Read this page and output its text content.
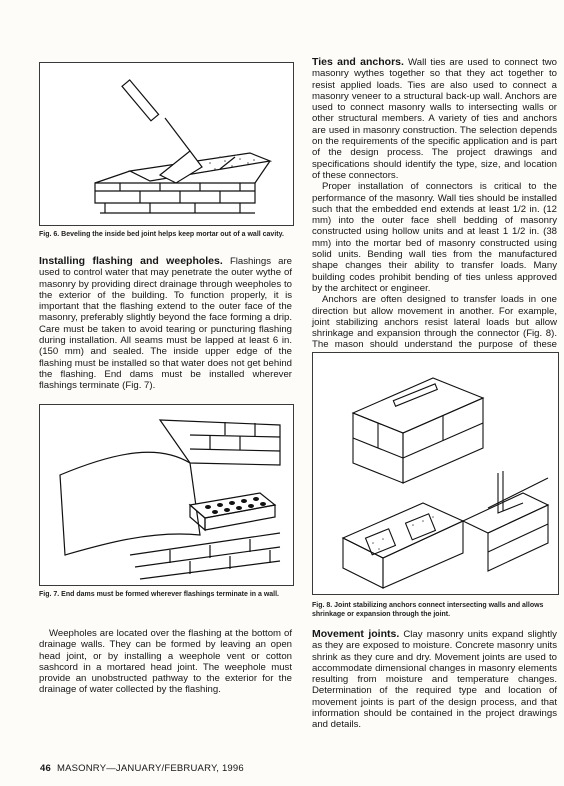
Fig. 6. Beveling the inside bed joint helps keep mortar out of a wall cavity.

Installing flashing and weepholes. Flashings are used to control water that may penetrate the outer wythe of masonry by providing direct drainage through weepholes to the exterior of the building. To function properly, it is important that the flashing extend to the outer face of the masonry, preferably slightly beyond the face forming a drip. Care must be taken to avoid tearing or puncturing flashing during installation. All seams must be lapped at least 6 in. (150 mm) and sealed. The inside upper edge of the flashing must be installed so that water does not get behind the flashing. End dams must be installed wherever flashings terminate (Fig. 7).

Fig. 7. End dams must be formed wherever flashings terminate in a wall.

Weepholes are located over the flashing at the bottom of drainage walls. They can be formed by leaving an open head joint, or by installing a weephole vent or cotton sashcord in a mortared head joint. The weephole must provide an unobstructed pathway to the exterior for the drainage of water collected by the flashing.

Ties and anchors. Wall ties are used to connect two masonry wythes together so that they act together to resist applied loads. Ties are also used to connect a masonry veneer to a structural back-up wall. Anchors are used to connect masonry walls to intersecting walls or other structural members. A variety of ties and anchors are used in masonry construction. The selection depends on the requirements of the specific application and is part of the design process. The project drawings and specifications should identify the type, size, and location of these connectors.

Proper installation of connectors is critical to the performance of the masonry. Wall ties should be installed such that the embedded end extends at least 1/2 in. (12 mm) into the outer face shell bedding of masonry constructed using hollow units and at least 1 1/2 in. (38 mm) into the mortar bed of masonry constructed using solid units. Bending wall ties from the manufactured shape changes their ability to transfer loads. Many building codes prohibit bending of ties unless approved by the architect or engineer.

Anchors are often designed to transfer loads in one direction but allow movement in another. For example, joint stabilizing anchors resist lateral loads but allow shrinkage and expansion through the connector (Fig. 8). The mason should understand the purpose of these

Fig. 8. Joint stabilizing anchors connect intersecting walls and allows shrinkage or expansion through the joint.

Movement joints. Clay masonry units expand slightly as they are exposed to moisture. Concrete masonry units shrink as they cure and dry. Movement joints are used to accommodate dimensional changes in masonry elements resulting from moisture and temperature changes. Determination of the required type and location of movement joints is part of the design process, and that information should be contained in the project drawings and details.

46 MASONRY—JANUARY/FEBRUARY, 1996
